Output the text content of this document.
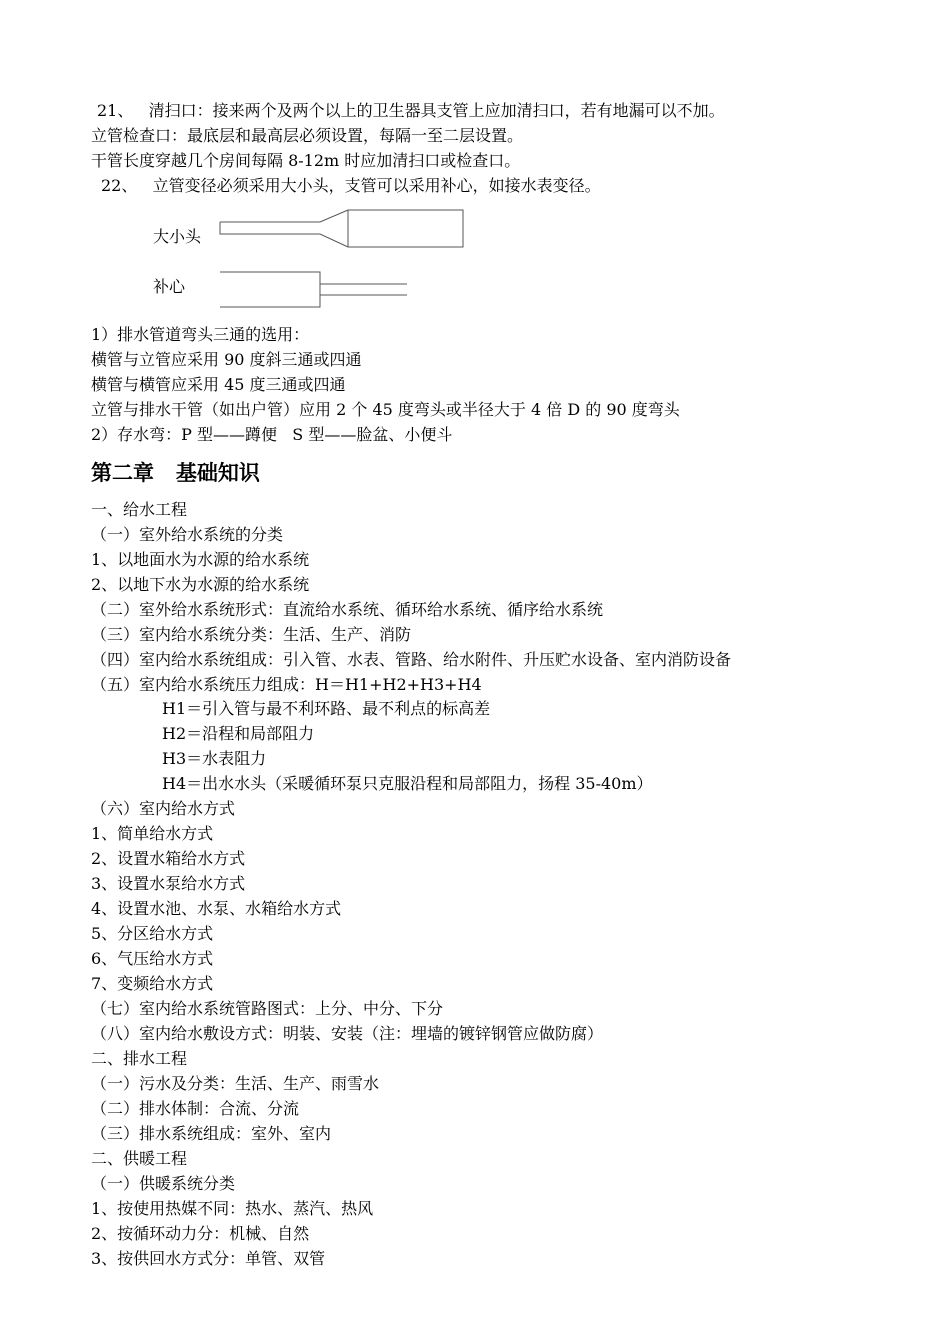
21、   清扫口：接来两个及两个以上的卫生器具支管上应加清扫口，若有地漏可以不加。
立管检查口：最底层和最高层必须设置，每隔一至二层设置。
干管长度穿越几个房间每隔 8-12m 时应加清扫口或检查口。
22、   立管变径必须采用大小头，支管可以采用补心，如接水表变径。
大小头
补心
1）排水管道弯头三通的选用：
横管与立管应采用 90 度斜三通或四通
横管与横管应采用 45 度三通或四通
立管与排水干管（如出户管）应用 2 个 45 度弯头或半径大于 4 倍 D 的 90 度弯头
2）存水弯：P 型——蹲便   S 型——脸盆、小便斗
第二章   基础知识
一、给水工程
（一）室外给水系统的分类
1、以地面水为水源的给水系统
2、以地下水为水源的给水系统
（二）室外给水系统形式：直流给水系统、循环给水系统、循序给水系统
（三）室内给水系统分类：生活、生产、消防
（四）室内给水系统组成：引入管、水表、管路、给水附件、升压贮水设备、室内消防设备
（五）室内给水系统压力组成：H＝H1+H2+H3+H4
H1＝引入管与最不利环路、最不利点的标高差
H2＝沿程和局部阻力
H3＝水表阻力
H4＝出水水头（采暖循环泵只克服沿程和局部阻力，扬程 35-40m）
（六）室内给水方式
1、简单给水方式
2、设置水箱给水方式
3、设置水泵给水方式
4、设置水池、水泵、水箱给水方式
5、分区给水方式
6、气压给水方式
7、变频给水方式
（七）室内给水系统管路图式：上分、中分、下分
（八）室内给水敷设方式：明装、安装（注：埋墙的镀锌钢管应做防腐）
二、排水工程
（一）污水及分类：生活、生产、雨雪水
（二）排水体制：合流、分流
（三）排水系统组成：室外、室内
二、供暖工程
（一）供暖系统分类
1、按使用热媒不同：热水、蒸汽、热风
2、按循环动力分：机械、自然
3、按供回水方式分：单管、双管
